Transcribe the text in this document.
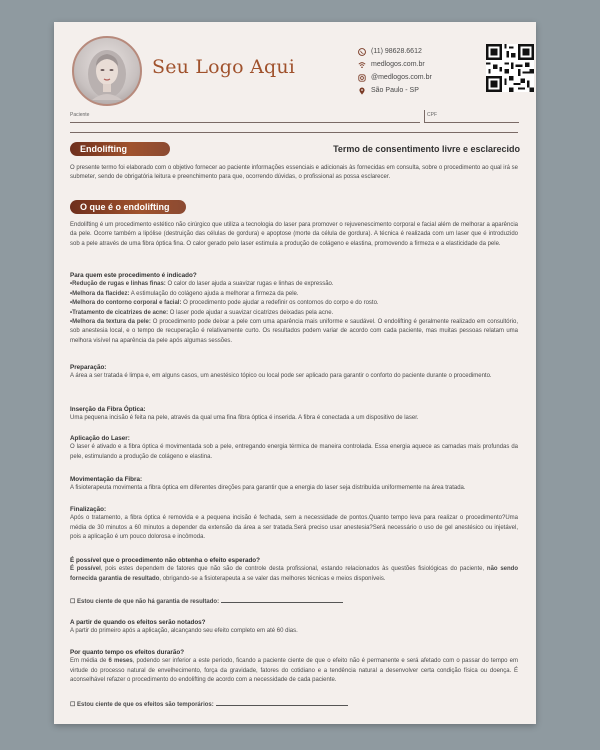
Seu Logo Aqui
(11) 98628.6612
medlogos.com.br
@medlogos.com.br
São Paulo - SP
Paciente	CPF
Endolifting	Termo de consentimento livre e esclarecido
O presente termo foi elaborado com o objetivo fornecer ao paciente informações essenciais e adicionais às fornecidas em consulta, sobre o procedimento ao qual irá se submeter, sendo de obrigatória leitura e preenchimento para que, ocorrendo dúvidas, o profissional as possa esclarecer.
O que é o endolifting
Endolifting é um procedimento estético não cirúrgico que utiliza a tecnologia do laser para promover o rejuvenescimento corporal e facial além de melhorar a aparência da pele. Ocorre também a lipólise (destruição das células de gordura) e apoptose (morte da célula de gordura). A técnica é realizada com um laser que é introduzido sob a pele através de uma fibra óptica fina. O calor gerado pelo laser estimula a produção de colágeno e elastina, promovendo a firmeza e a elasticidade da pele.
Para quem este procedimento é indicado?
•Redução de rugas e linhas finas: O calor do laser ajuda a suavizar rugas e linhas de expressão.
•Melhora da flacidez: A estimulação do colágeno ajuda a melhorar a firmeza da pele.
•Melhora do contorno corporal e facial: O procedimento pode ajudar a redefinir os contornos do corpo e do rosto.
•Tratamento de cicatrizes de acne: O laser pode ajudar a suavizar cicatrizes deixadas pela acne.
•Melhora da textura da pele: O procedimento pode deixar a pele com uma aparência mais uniforme e saudável. O endolifting é geralmente realizado em consultório, sob anestesia local, e o tempo de recuperação é relativamente curto. Os resultados podem variar de acordo com cada paciente, mas muitas pessoas relatam uma melhora visível na aparência da pele após algumas sessões.
Preparação:
A área a ser tratada é limpa e, em alguns casos, um anestésico tópico ou local pode ser aplicado para garantir o conforto do paciente durante o procedimento.
Inserção da Fibra Óptica:
Uma pequena incisão é feita na pele, através da qual uma fina fibra óptica é inserida. A fibra é conectada a um dispositivo de laser.
Aplicação do Laser:
O laser é ativado e a fibra óptica é movimentada sob a pele, entregando energia térmica de maneira controlada. Essa energia aquece as camadas mais profundas da pele, estimulando a produção de colágeno e elastina.
Movimentação da Fibra:
A fisioterapeuta movimenta a fibra óptica em diferentes direções para garantir que a energia do laser seja distribuída uniformemente na área tratada.
Finalização:
Após o tratamento, a fibra óptica é removida e a pequena incisão é fechada, sem a necessidade de pontos.Quanto tempo leva para realizar o procedimento?Uma média de 30 minutos a 60 minutos a depender da extensão da área a ser tratada.Será preciso usar anestesia?Será necessário o uso de gel anestésico ou injetável, pois a aplicação é um pouco dolorosa e incômoda.
É possível que o procedimento não obtenha o efeito esperado?
É possível, pois estes dependem de fatores que não são de controle desta profissional, estando relacionados às questões fisiológicas do paciente, não sendo fornecida garantia de resultado, obrigando-se a fisioterapeuta a se valer das melhores técnicas e meios disponíveis.
☐ Estou ciente de que não há garantia de resultado:
A partir de quando os efeitos serão notados?
A partir do primeiro após a aplicação, alcançando seu efeito completo em até 60 dias.
Por quanto tempo os efeitos durarão?
Em média de 6 meses, podendo ser inferior a este período, ficando a paciente ciente de que o efeito não é permanente e será afetado com o passar do tempo em virtude do processo natural de envelhecimento, força da gravidade, fatores do cotidiano e a tendência natural a desenvolver certa condição física ou doença. É aconselhável refazer o procedimento do endolifting de acordo com a necessidade de cada paciente.
☐ Estou ciente de que os efeitos são temporários:
